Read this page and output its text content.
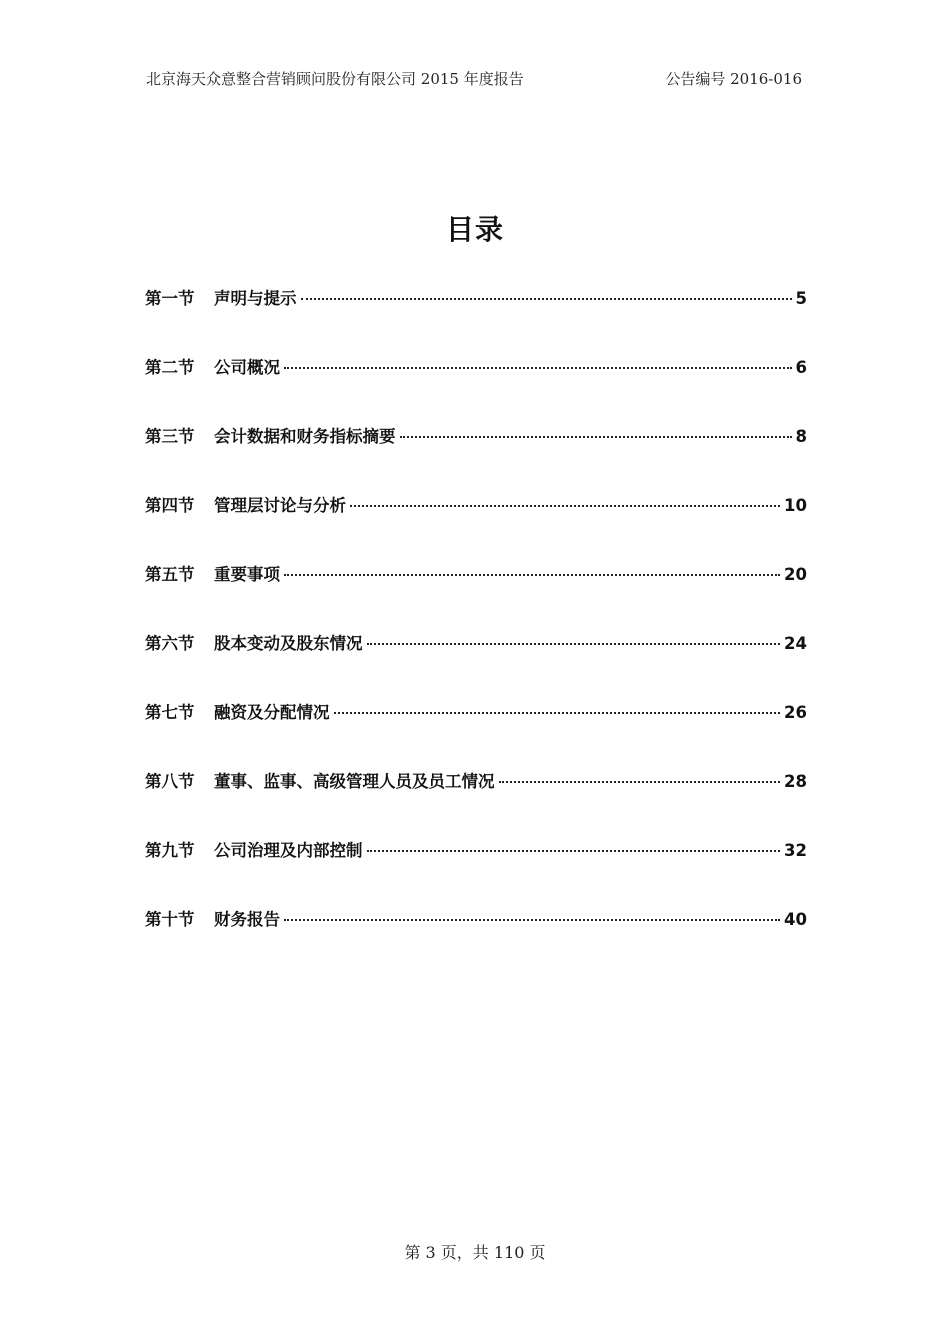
北京海天众意整合营销顾问股份有限公司 2015 年度报告	公告编号 2016-016
目录
第一节	声明与提示	5
第二节	公司概况	6
第三节	会计数据和财务指标摘要	8
第四节	管理层讨论与分析	10
第五节	重要事项	20
第六节	股本变动及股东情况	24
第七节	融资及分配情况	26
第八节	董事、监事、高级管理人员及员工情况	28
第九节	公司治理及内部控制	32
第十节	财务报告	40
第 3 页，共 110 页
